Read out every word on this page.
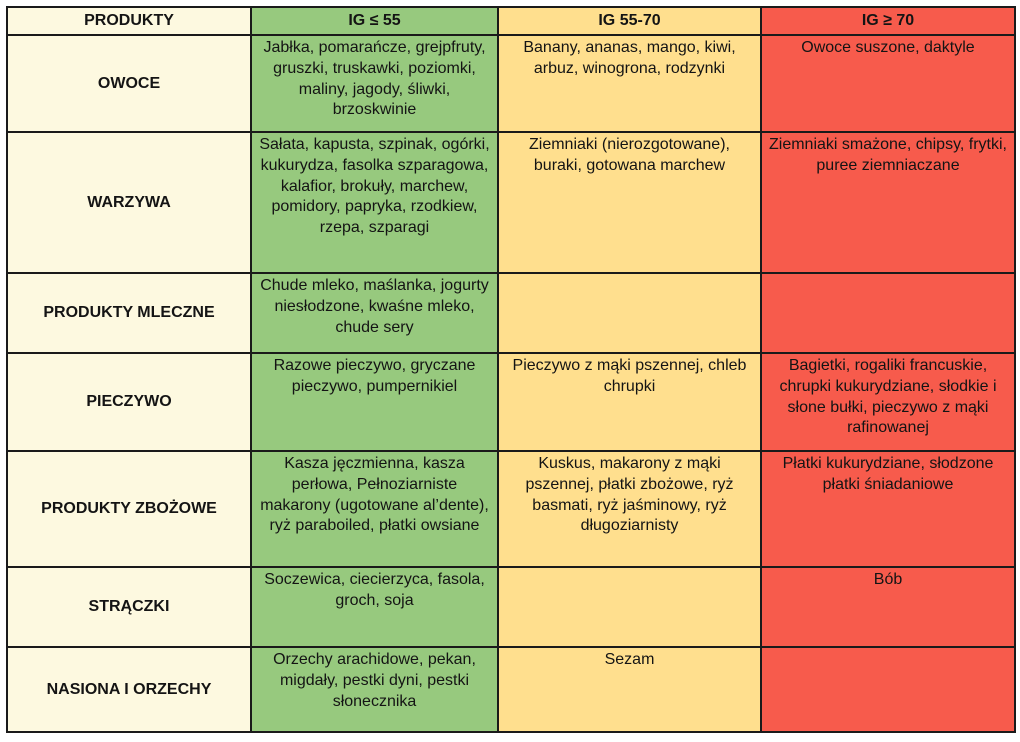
PRODUKTY	IG ≤ 55	IG 55-70	IG ≥ 70
OWOCE	Jabłka, pomarańcze, grejpfruty, gruszki, truskawki, poziomki, maliny, jagody, śliwki, brzoskwinie	Banany, ananas, mango, kiwi, arbuz, winogrona, rodzynki	Owoce suszone, daktyle
WARZYWA	Sałata, kapusta, szpinak, ogórki, kukurydza, fasolka szparagowa, kalafior, brokuły, marchew, pomidory, papryka, rzodkiew, rzepa, szparagi	Ziemniaki (nierozgotowane), buraki, gotowana marchew	Ziemniaki smażone, chipsy, frytki, puree ziemniaczane
PRODUKTY MLECZNE	Chude mleko, maślanka, jogurty niesłodzone, kwaśne mleko, chude sery		
PIECZYWO	Razowe pieczywo, gryczane pieczywo, pumpernikiel	Pieczywo z mąki pszennej, chleb chrupki	Bagietki, rogaliki francuskie, chrupki kukurydziane, słodkie i słone bułki, pieczywo z mąki rafinowanej
PRODUKTY ZBOŻOWE	Kasza jęczmienna, kasza perłowa, Pełnoziarniste makarony (ugotowane al’dente), ryż paraboiled, płatki owsiane	Kuskus, makarony z mąki pszennej, płatki zbożowe, ryż basmati, ryż jaśminowy, ryż długoziarnisty	Płatki kukurydziane, słodzone płatki śniadaniowe
STRĄCZKI	Soczewica, ciecierzyca, fasola, groch, soja		Bób
NASIONA I ORZECHY	Orzechy arachidowe, pekan, migdały, pestki dyni, pestki słonecznika	Sezam	
